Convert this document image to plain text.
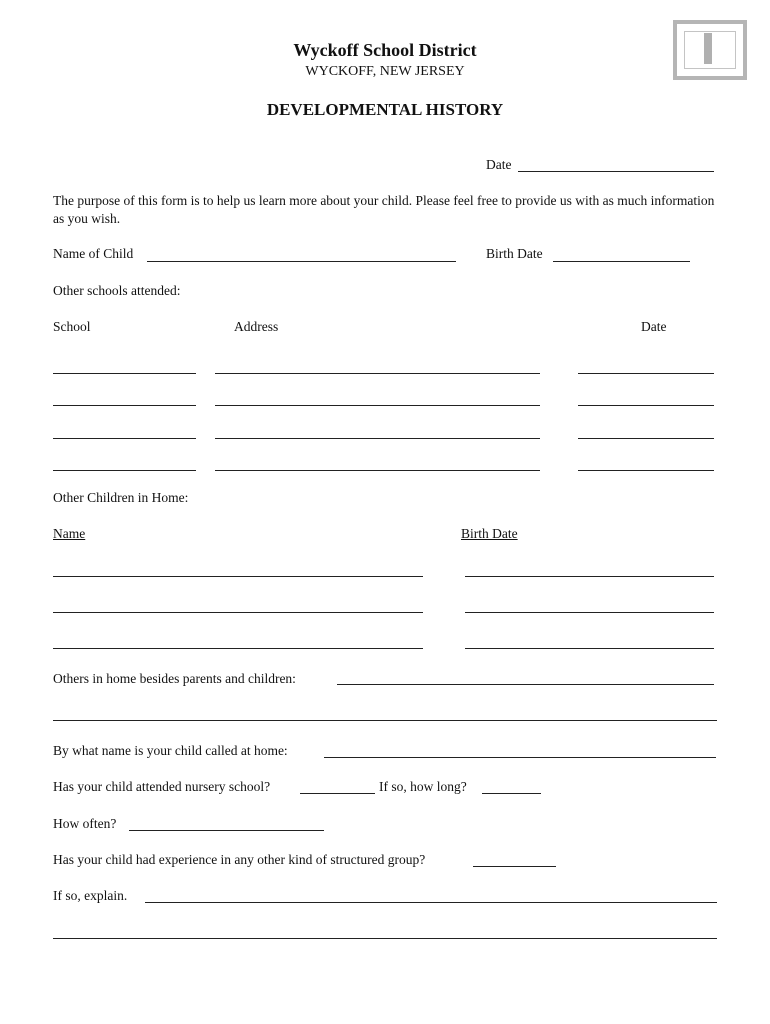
Wyckoff School District
WYCKOFF, NEW JERSEY
DEVELOPMENTAL HISTORY
Date
The purpose of this form is to help us learn more about your child. Please feel free to provide us with as much information as you wish.
Name of Child	Birth Date
Other schools attended:
School	Address	Date
Other Children in Home:
Name	Birth Date
Others in home besides parents and children:
By what name is your child called at home:
Has your child attended nursery school?	If so, how long?
How often?
Has your child had experience in any other kind of structured group?
If so, explain.
